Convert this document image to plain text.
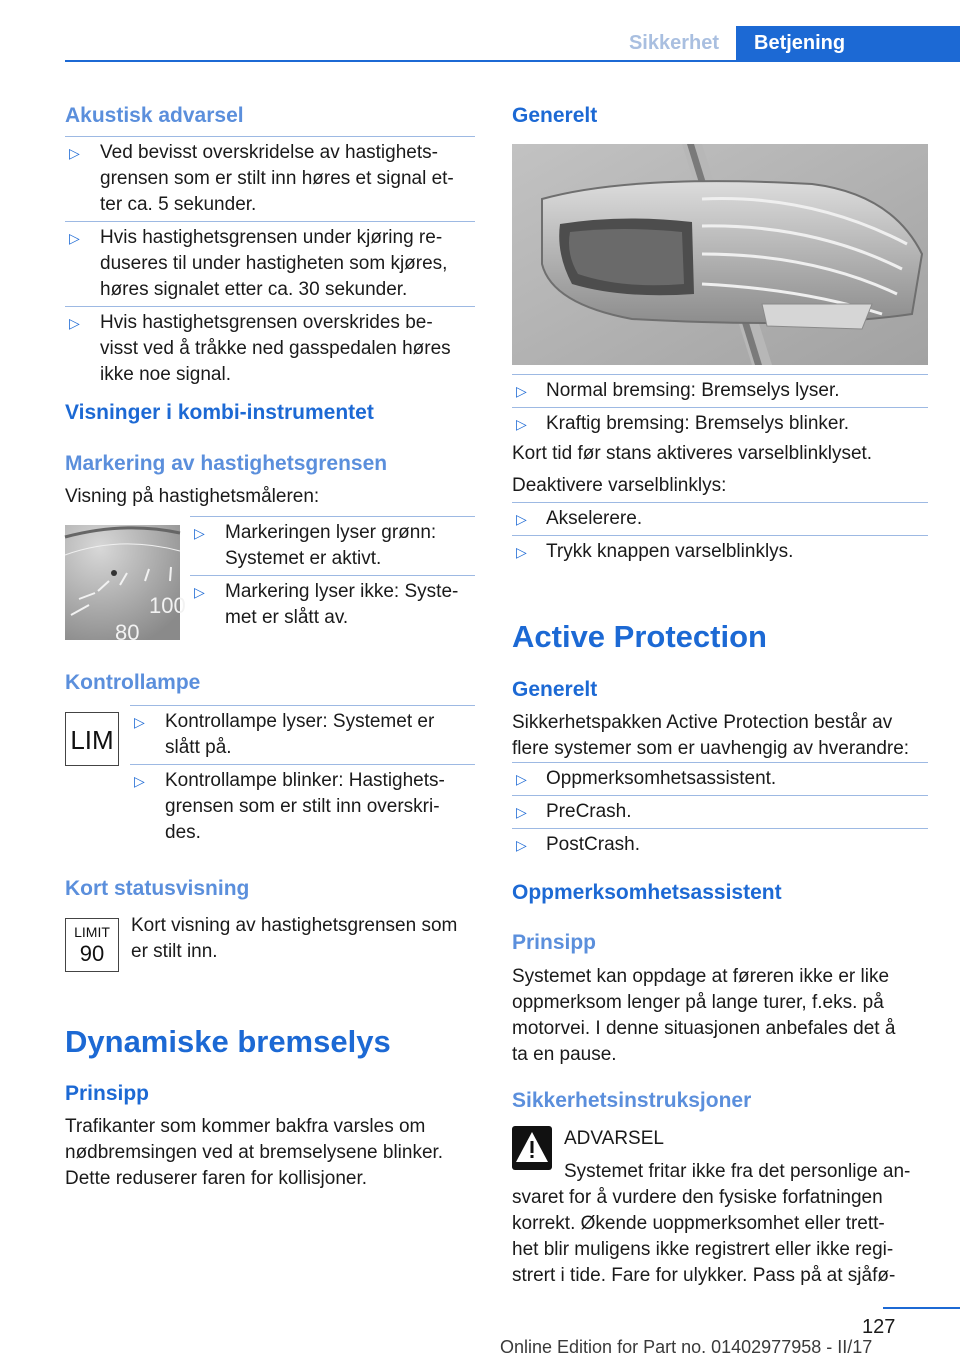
Sikkerhet	Betjening
Akustisk advarsel
▷ Ved bevisst overskridelse av hastighets-
grensen som er stilt inn høres et signal et-
ter ca. 5 sekunder.
▷ Hvis hastighetsgrensen under kjøring re-
duseres til under hastigheten som kjøres,
høres signalet etter ca. 30 sekunder.
▷ Hvis hastighetsgrensen overskrides be-
visst ved å tråkke ned gasspedalen høres
ikke noe signal.
Visninger i kombi-instrumentet
Markering av hastighetsgrensen
Visning på hastighetsmåleren:
100
80
▷ Markeringen lyser grønn:
Systemet er aktivt.
▷ Markering lyser ikke: Syste-
met er slått av.
Kontrollampe
LIM
▷ Kontrollampe lyser: Systemet er
slått på.
▷ Kontrollampe blinker: Hastighets-
grensen som er stilt inn overskri-
des.
Kort statusvisning
LIMIT
90
Kort visning av hastighetsgrensen som
er stilt inn.
Dynamiske bremselys
Prinsipp
Trafikanter som kommer bakfra varsles om
nødbremsingen ved at bremselysene blinker.
Dette reduserer faren for kollisjoner.
Generelt
▷ Normal bremsing: Bremselys lyser.
▷ Kraftig bremsing: Bremselys blinker.
Kort tid før stans aktiveres varselblinklyset.
Deaktivere varselblinklys:
▷ Akselerere.
▷ Trykk knappen varselblinklys.
Active Protection
Generelt
Sikkerhetspakken Active Protection består av
flere systemer som er uavhengig av hverandre:
▷ Oppmerksomhetsassistent.
▷ PreCrash.
▷ PostCrash.
Oppmerksomhetsassistent
Prinsipp
Systemet kan oppdage at føreren ikke er like
oppmerksom lenger på lange turer, f.eks. på
motorvei. I denne situasjonen anbefales det å
ta en pause.
Sikkerhetsinstruksjoner
ADVARSEL
Systemet fritar ikke fra det personlige an-
svaret for å vurdere den fysiske forfatningen
korrekt. Økende uoppmerksomhet eller trett-
het blir muligens ikke registrert eller ikke regi-
strert i tide. Fare for ulykker. Pass på at sjåfø-
127
Online Edition for Part no. 01402977958 - II/17
